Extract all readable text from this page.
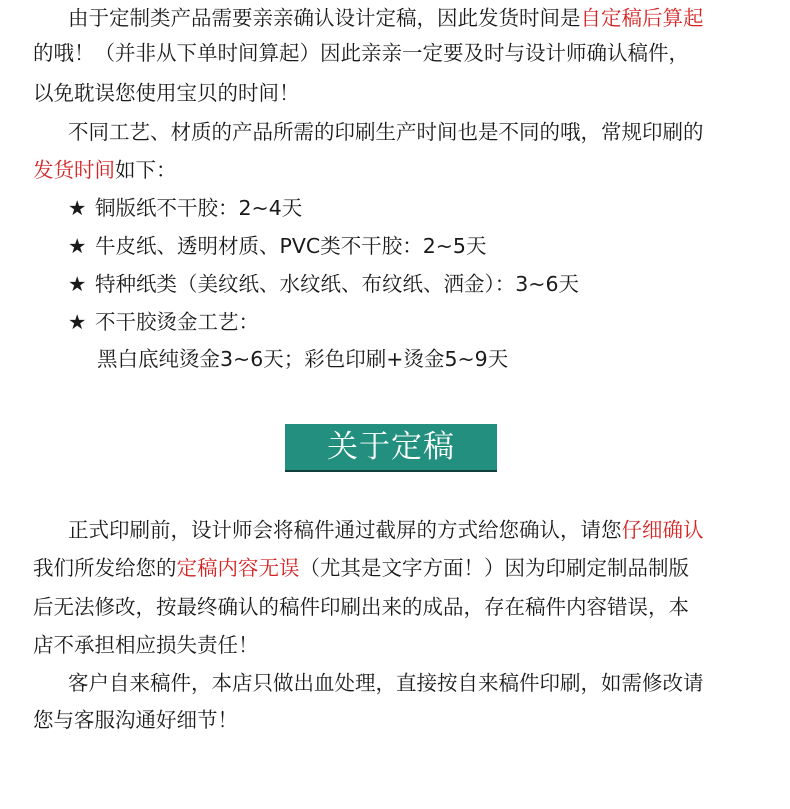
由于定制类产品需要亲亲确认设计定稿，因此发货时间是自定稿后算起
的哦！（并非从下单时间算起）因此亲亲一定要及时与设计师确认稿件，
以免耽误您使用宝贝的时间！
不同工艺、材质的产品所需的印刷生产时间也是不同的哦，常规印刷的
发货时间如下：
★ 铜版纸不干胶：2~4天
★ 牛皮纸、透明材质、PVC类不干胶：2~5天
★ 特种纸类（美纹纸、水纹纸、布纹纸、洒金）：3~6天
★ 不干胶烫金工艺：
黑白底纯烫金3~6天；彩色印刷+烫金5~9天
关于定稿
正式印刷前，设计师会将稿件通过截屏的方式给您确认，请您仔细确认
我们所发给您的定稿内容无误（尤其是文字方面！）因为印刷定制品制版
后无法修改，按最终确认的稿件印刷出来的成品，存在稿件内容错误，本
店不承担相应损失责任！
客户自来稿件，本店只做出血处理，直接按自来稿件印刷，如需修改请
您与客服沟通好细节！
